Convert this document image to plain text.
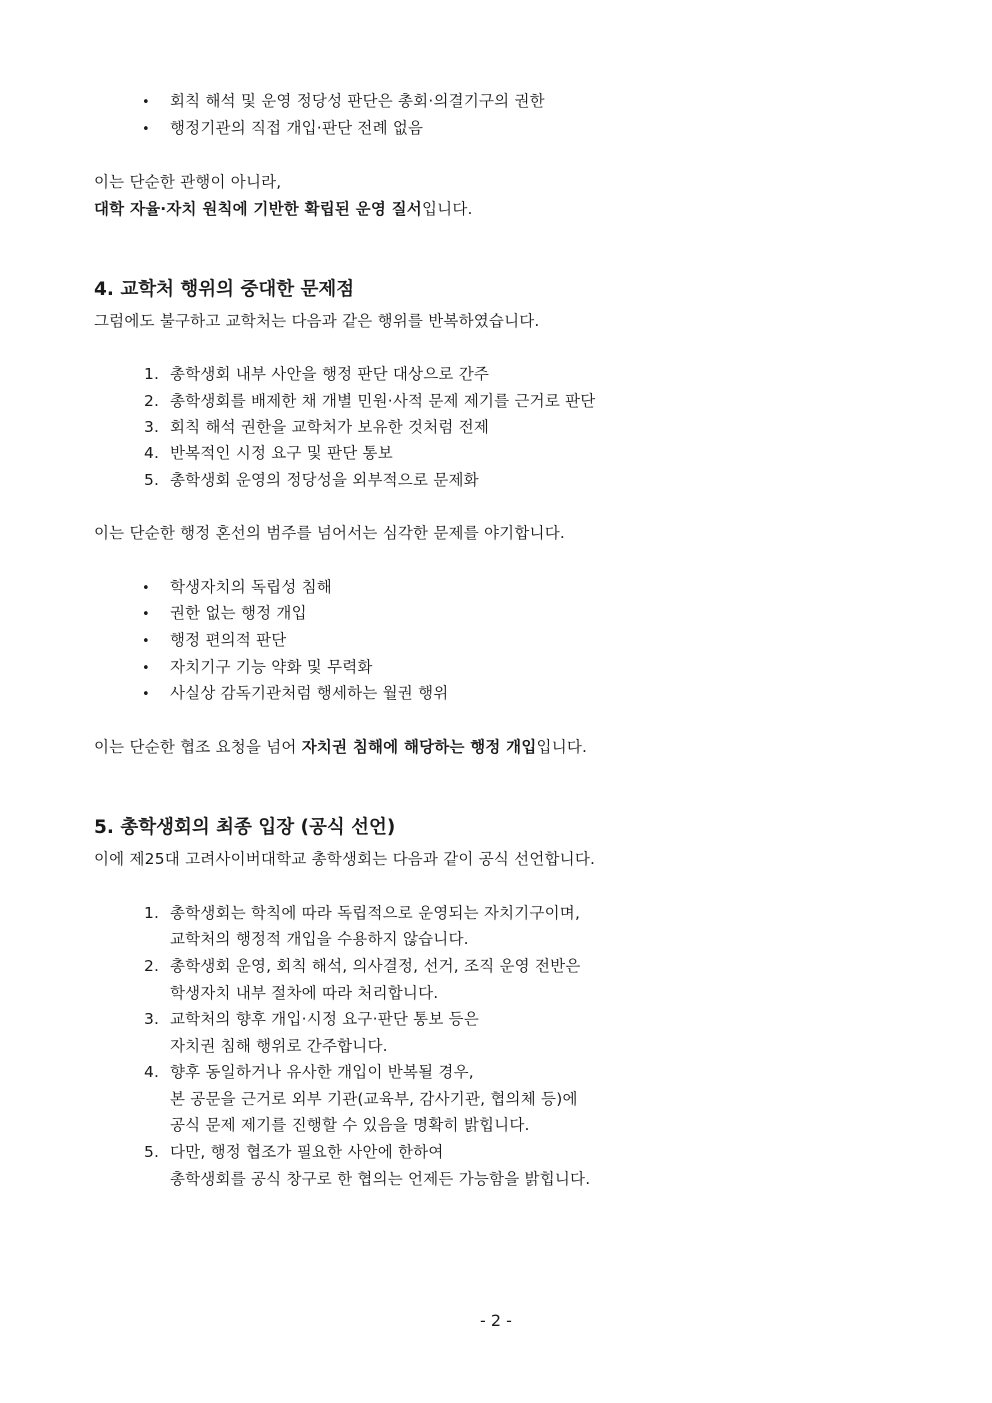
• 회칙 해석 및 운영 정당성 판단은 총회·의결기구의 권한
• 행정기관의 직접 개입·판단 전례 없음
이는 단순한 관행이 아니라,
대학 자율·자치 원칙에 기반한 확립된 운영 질서입니다.
4. 교학처 행위의 중대한 문제점
그럼에도 불구하고 교학처는 다음과 같은 행위를 반복하였습니다.
1. 총학생회 내부 사안을 행정 판단 대상으로 간주
2. 총학생회를 배제한 채 개별 민원·사적 문제 제기를 근거로 판단
3. 회칙 해석 권한을 교학처가 보유한 것처럼 전제
4. 반복적인 시정 요구 및 판단 통보
5. 총학생회 운영의 정당성을 외부적으로 문제화
이는 단순한 행정 혼선의 범주를 넘어서는 심각한 문제를 야기합니다.
• 학생자치의 독립성 침해
• 권한 없는 행정 개입
• 행정 편의적 판단
• 자치기구 기능 약화 및 무력화
• 사실상 감독기관처럼 행세하는 월권 행위
이는 단순한 협조 요청을 넘어 자치권 침해에 해당하는 행정 개입입니다.
5. 총학생회의 최종 입장 (공식 선언)
이에 제25대 고려사이버대학교 총학생회는 다음과 같이 공식 선언합니다.
1. 총학생회는 학칙에 따라 독립적으로 운영되는 자치기구이며,
교학처의 행정적 개입을 수용하지 않습니다.
2. 총학생회 운영, 회칙 해석, 의사결정, 선거, 조직 운영 전반은
학생자치 내부 절차에 따라 처리합니다.
3. 교학처의 향후 개입·시정 요구·판단 통보 등은
자치권 침해 행위로 간주합니다.
4. 향후 동일하거나 유사한 개입이 반복될 경우,
본 공문을 근거로 외부 기관(교육부, 감사기관, 협의체 등)에
공식 문제 제기를 진행할 수 있음을 명확히 밝힙니다.
5. 다만, 행정 협조가 필요한 사안에 한하여
총학생회를 공식 창구로 한 협의는 언제든 가능함을 밝힙니다.
- 2 -
